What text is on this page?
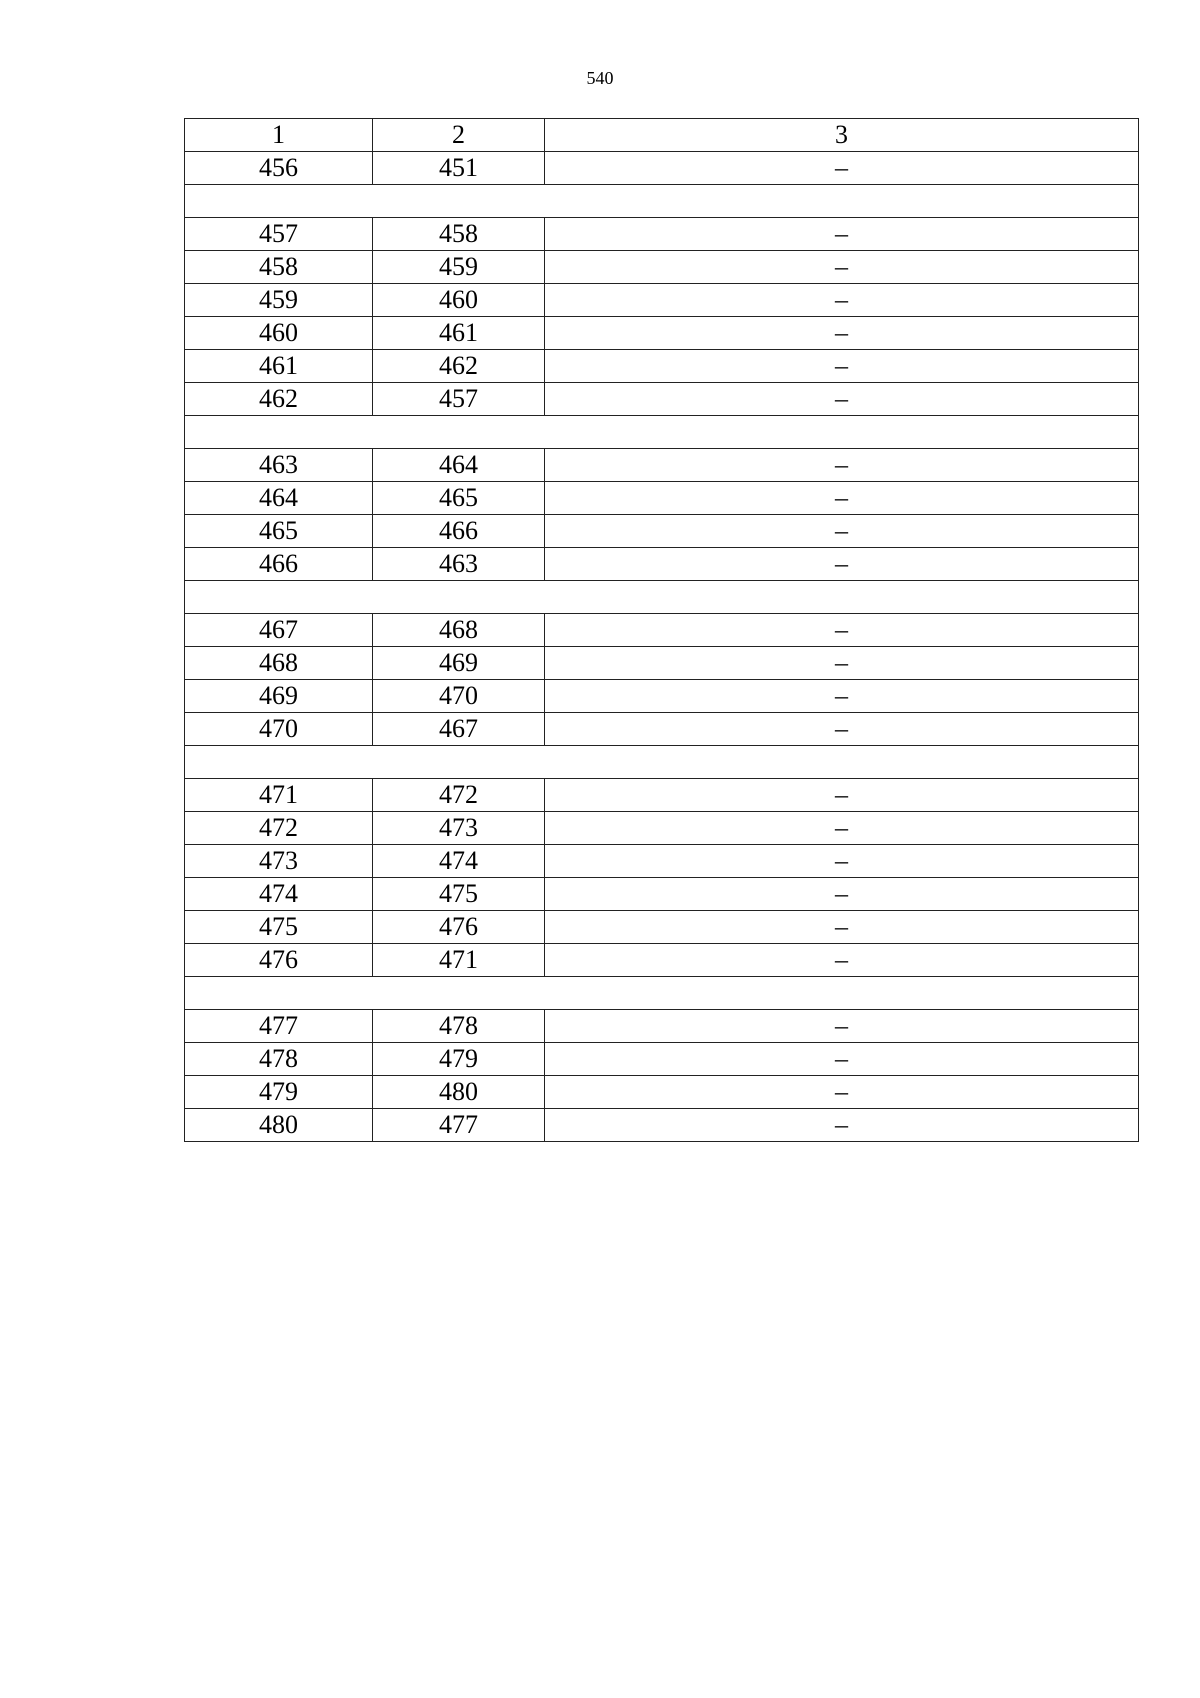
540
1	2	3
456	451	–

457	458	–
458	459	–
459	460	–
460	461	–
461	462	–
462	457	–

463	464	–
464	465	–
465	466	–
466	463	–

467	468	–
468	469	–
469	470	–
470	467	–

471	472	–
472	473	–
473	474	–
474	475	–
475	476	–
476	471	–

477	478	–
478	479	–
479	480	–
480	477	–
